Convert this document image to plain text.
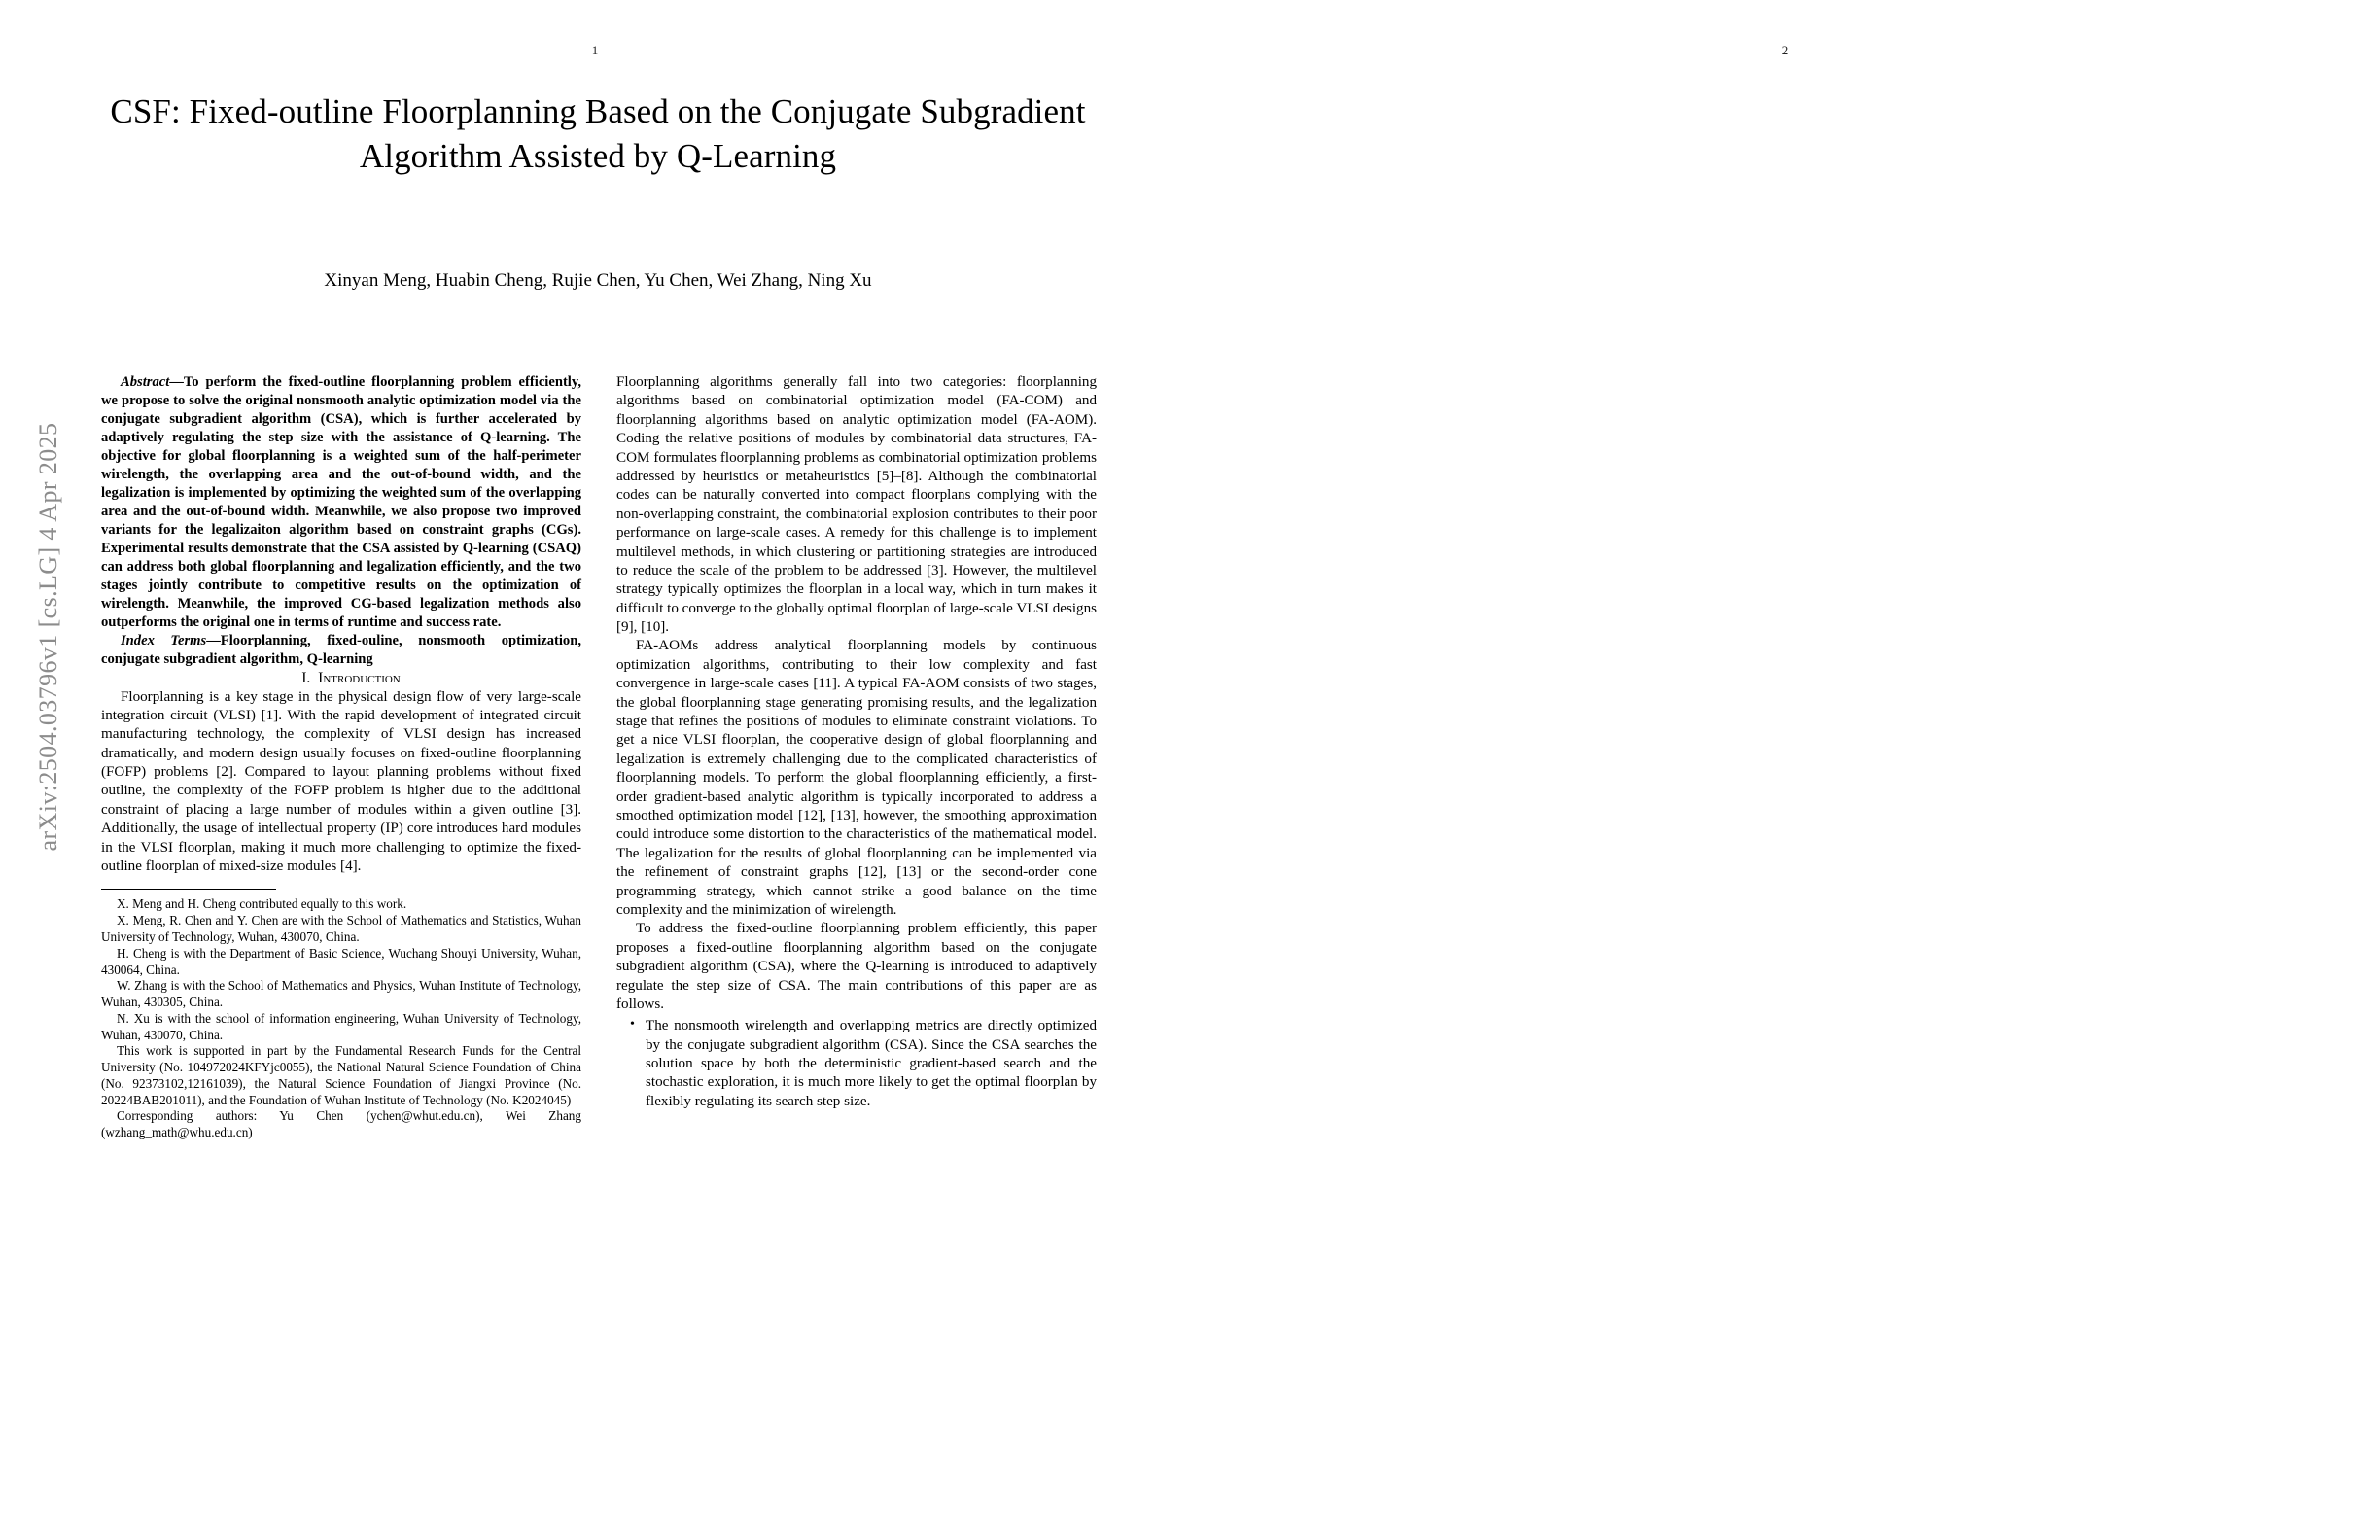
1
arXiv:2504.03796v1 [cs.LG] 4 Apr 2025
CSF: Fixed-outline Floorplanning Based on the Conjugate Subgradient Algorithm Assisted by Q-Learning
Xinyan Meng, Huabin Cheng, Rujie Chen, Yu Chen, Wei Zhang, Ning Xu

Abstract—To perform the fixed-outline floorplanning problem efficiently, we propose to solve the original nonsmooth analytic optimization model via the conjugate subgradient algorithm (CSA), which is further accelerated by adaptively regulating the step size with the assistance of Q-learning. The objective for global floorplanning is a weighted sum of the half-perimeter wirelength, the overlapping area and the out-of-bound width, and the legalization is implemented by optimizing the weighted sum of the overlapping area and the out-of-bound width. Meanwhile, we also propose two improved variants for the legalizaiton algorithm based on constraint graphs (CGs). Experimental results demonstrate that the CSA assisted by Q-learning (CSAQ) can address both global floorplanning and legalization efficiently, and the two stages jointly contribute to competitive results on the optimization of wirelength. Meanwhile, the improved CG-based legalization methods also outperforms the original one in terms of runtime and success rate.

Index Terms—Floorplanning, fixed-ouline, nonsmooth optimization, conjugate subgradient algorithm, Q-learning

I. Introduction

Floorplanning is a key stage in the physical design flow of very large-scale integration circuit (VLSI) [1]. With the rapid development of integrated circuit manufacturing technology, the complexity of VLSI design has increased dramatically, and modern design usually focuses on fixed-outline floorplanning (FOFP) problems [2]. Compared to layout planning problems without fixed outline, the complexity of the FOFP problem is higher due to the additional constraint of placing a large number of modules within a given outline [3]. Additionally, the usage of intellectual property (IP) core introduces hard modules in the VLSI floorplan, making it much more challenging to optimize the fixed-outline floorplan of mixed-size modules [4].

X. Meng and H. Cheng contributed equally to this work.

X. Meng, R. Chen and Y. Chen are with the School of Mathematics and Statistics, Wuhan University of Technology, Wuhan, 430070, China.

H. Cheng is with the Department of Basic Science, Wuchang Shouyi University, Wuhan, 430064, China.

W. Zhang is with the School of Mathematics and Physics, Wuhan Institute of Technology, Wuhan, 430305, China.

N. Xu is with the school of information engineering, Wuhan University of Technology, Wuhan, 430070, China.

This work is supported in part by the Fundamental Research Funds for the Central University (No. 104972024KFYjc0055), the National Natural Science Foundation of China (No. 92373102,12161039), the Natural Science Foundation of Jiangxi Province (No. 20224BAB201011), and the Foundation of Wuhan Institute of Technology (No. K2024045)

Corresponding authors: Yu Chen (ychen@whut.edu.cn), Wei Zhang (wzhang_math@whu.edu.cn)

Floorplanning algorithms generally fall into two categories: floorplanning algorithms based on combinatorial optimization model (FA-COM) and floorplanning algorithms based on analytic optimization model (FA-AOM). Coding the relative positions of modules by combinatorial data structures, FA-COM formulates floorplanning problems as combinatorial optimization problems addressed by heuristics or metaheuristics [5]–[8]. Although the combinatorial codes can be naturally converted into compact floorplans complying with the non-overlapping constraint, the combinatorial explosion contributes to their poor performance on large-scale cases. A remedy for this challenge is to implement multilevel methods, in which clustering or partitioning strategies are introduced to reduce the scale of the problem to be addressed [3]. However, the multilevel strategy typically optimizes the floorplan in a local way, which in turn makes it difficult to converge to the globally optimal floorplan of large-scale VLSI designs [9], [10].

FA-AOMs address analytical floorplanning models by continuous optimization algorithms, contributing to their low complexity and fast convergence in large-scale cases [11]. A typical FA-AOM consists of two stages, the global floorplanning stage generating promising results, and the legalization stage that refines the positions of modules to eliminate constraint violations. To get a nice VLSI floorplan, the cooperative design of global floorplanning and legalization is extremely challenging due to the complicated characteristics of floorplanning models. To perform the global floorplanning efficiently, a first-order gradient-based analytic algorithm is typically incorporated to address a smoothed optimization model [12], [13], however, the smoothing approximation could introduce some distortion to the characteristics of the mathematical model. The legalization for the results of global floorplanning can be implemented via the refinement of constraint graphs [12], [13] or the second-order cone programming strategy, which cannot strike a good balance on the time complexity and the minimization of wirelength.

To address the fixed-outline floorplanning problem efficiently, this paper proposes a fixed-outline floorplanning algorithm based on the conjugate subgradient algorithm (CSA), where the Q-learning is introduced to adaptively regulate the step size of CSA. The main contributions of this paper are as follows.

• The nonsmooth wirelength and overlapping metrics are directly optimized by the conjugate subgradient algorithm (CSA). Since the CSA searches the solution space by both the deterministic gradient-based search and the stochastic exploration, it is much more likely to get the optimal floorplan by flexibly regulating its search step size.
2
